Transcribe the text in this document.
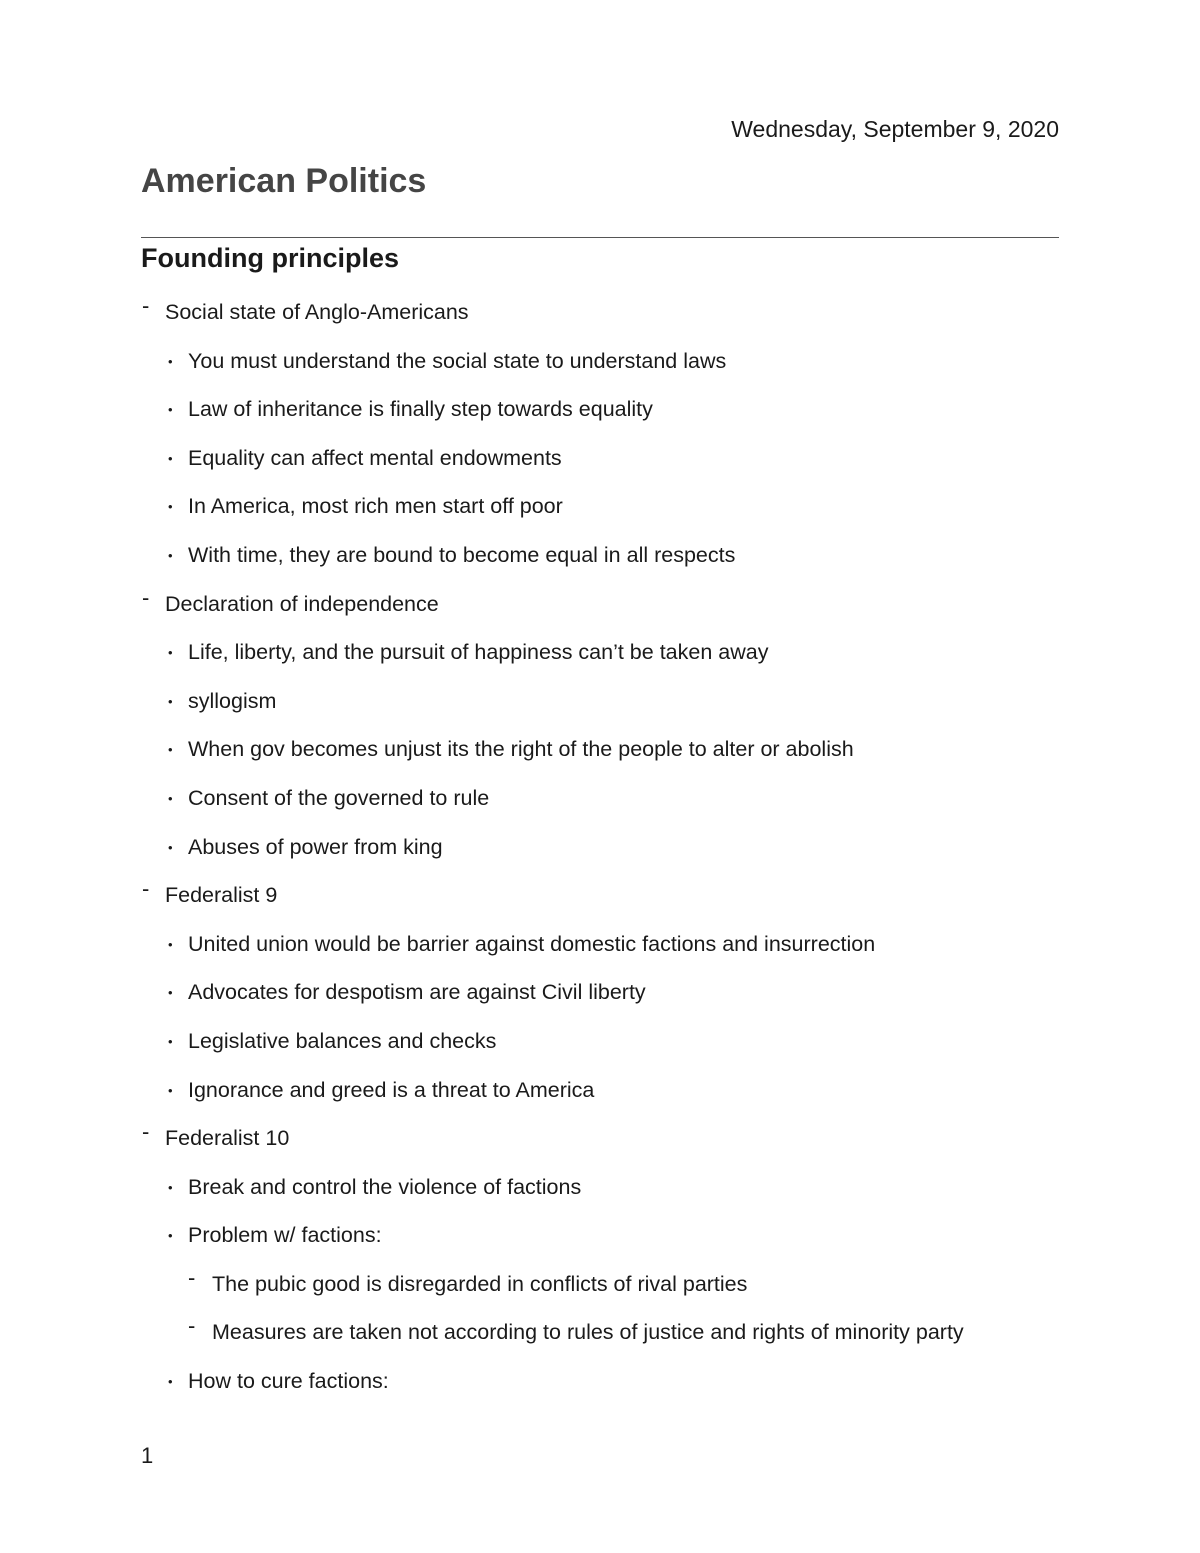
Wednesday, September 9, 2020
American Politics
Founding principles
- Social state of Anglo-Americans
• You must understand the social state to understand laws
• Law of inheritance is finally step towards equality
• Equality can affect mental endowments
• In America, most rich men start off poor
• With time, they are bound to become equal in all respects
- Declaration of independence
• Life, liberty, and the pursuit of happiness can’t be taken away
• syllogism
• When gov becomes unjust its the right of the people to alter or abolish
• Consent of the governed to rule
• Abuses of power from king
- Federalist 9
• United union would be barrier against domestic factions and insurrection
• Advocates for despotism are against Civil liberty
• Legislative balances and checks
• Ignorance and greed is a threat to America
- Federalist 10
• Break and control the violence of factions
• Problem w/ factions:
- The pubic good is disregarded in conflicts of rival parties
- Measures are taken not according to rules of justice and rights of minority party
• How to cure factions:
1
